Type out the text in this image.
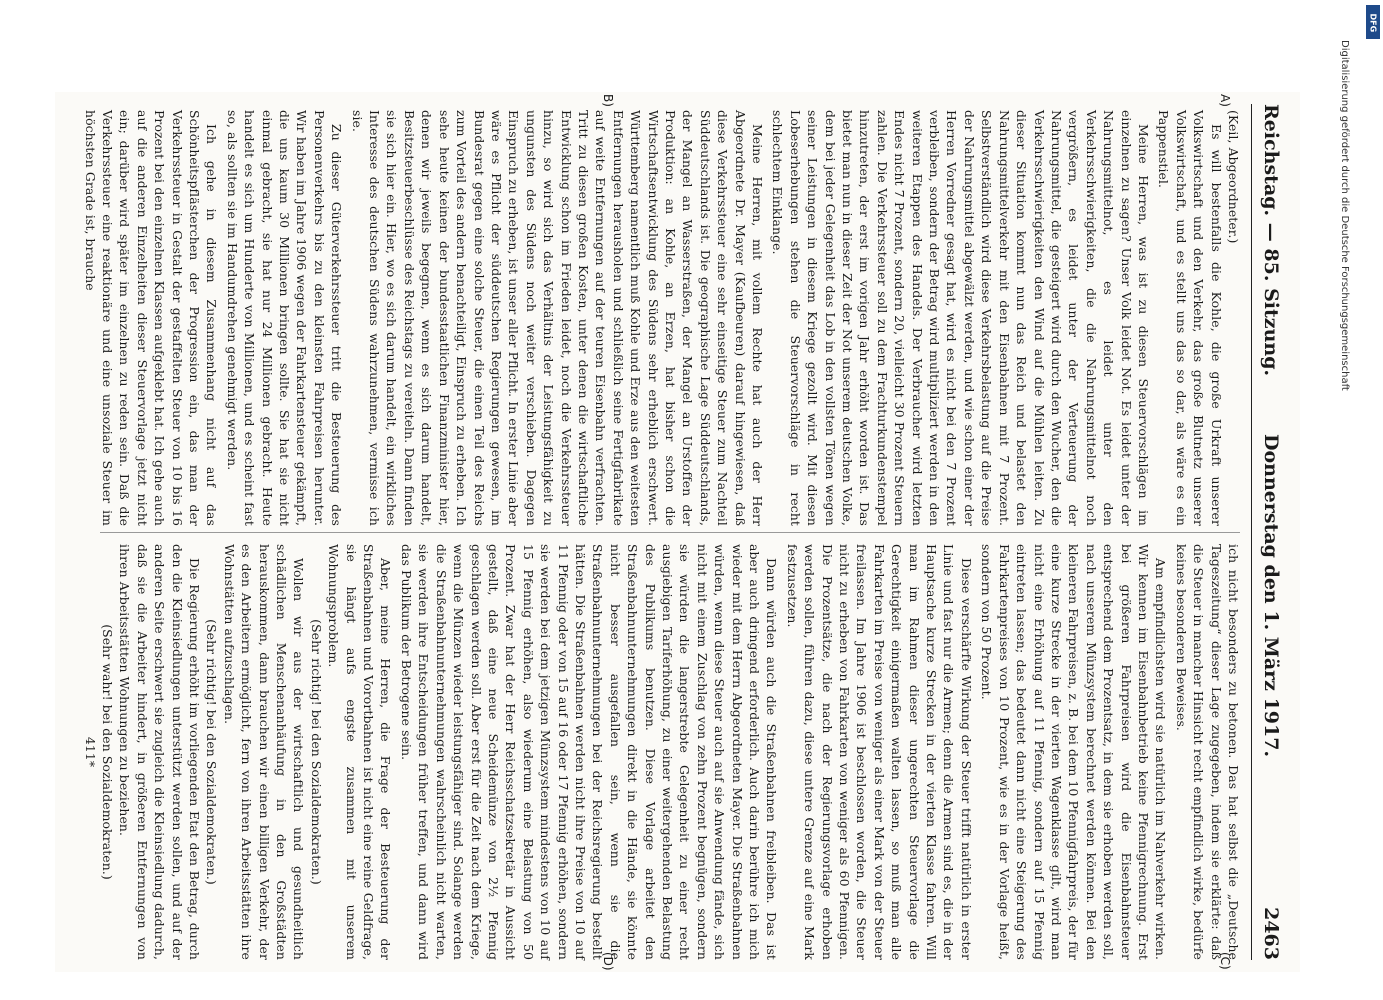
Reichstag. — 85. Sitzung.
Donnerstag den 1. März 1917.
2463
A)
B)
(C)
(D)

(Keil, Abgeordneter.)

Es will bestenfalls die Kohle, die große Urkraft unserer Volkswirtschaft und den Verkehr, das große Blutnetz unserer Volkswirtschaft, und es stellt uns das so dar, als wäre es ein Pappenstiel.

Meine Herren, was ist zu diesen Steuervorschlägen im einzelnen zu sagen? Unser Volk leidet Not. Es leidet unter der Nahrungsmittelnot, es leidet unter den Verkehrsschwierigkeiten, die die Nahrungsmittelnot noch vergrößern, es leidet unter der Verteuerung der Nahrungsmittel, die gesteigert wird durch den Wucher, den die Verkehrsschwierigkeiten den Wind auf die Mühlen leiten. Zu dieser Situation kommt nun das Reich und belastet den Nahrungsmittelverkehr mit den Eisenbahnen mit 7 Prozent. Selbstverständlich wird diese Verkehrsbelastung auf die Preise der Nahrungsmittel abgewälzt werden, und wie schon einer der Herren Vorredner gesagt hat, wird es nicht bei den 7 Prozent verbleiben, sondern der Betrag wird multipliziert werden in den weiteren Etappen des Handels. Der Verbraucher wird letzten Endes nicht 7 Prozent, sondern 20, vielleicht 30 Prozent Steuern zahlen. Die Verkehrssteuer soll zu dem Frachturkundenstempel hinzutreten, der erst im vorigen Jahr erhöht worden ist. Das bietet man nun in dieser Zeit der Not unserem deutschen Volke, dem bei jeder Gelegenheit das Lob in den vollsten Tönen wegen seiner Leistungen in diesem Kriege gezollt wird. Mit diesen Lobeserhebungen stehen die Steuervorschläge in recht schlechtem Einklange.

Meine Herren, mit vollem Rechte hat auch der Herr Abgeordnete Dr. Mayer (Kaufbeuren) darauf hingewiesen, daß diese Verkehrssteuer eine sehr einseitige Steuer zum Nachteil Süddeutschlands ist. Die geographische Lage Süddeutschlands, der Mangel an Wasserstraßen, der Mangel an Urstoffen der Produktion: an Kohle, an Erzen, hat bisher schon die Wirtschaftsentwicklung des Südens sehr erheblich erschwert. Württemberg namentlich muß Kohle und Erze aus den weitesten Entfernungen herausholen und schließlich seine Fertigfabrikate auf weite Entfernungen auf der teuren Eisenbahn verfrachten. Tritt zu diesen großen Kosten, unter denen die wirtschaftliche Entwicklung schon im Frieden leidet, noch die Verkehrssteuer hinzu, so wird sich das Verhältnis der Leistungsfähigkeit zu ungunsten des Südens noch weiter verschieben. Dagegen Einspruch zu erheben, ist unser aller Pflicht. In erster Linie aber wäre es Pflicht der süddeutschen Regierungen gewesen, im Bundesrat gegen eine solche Steuer, die einen Teil des Reichs zum Vorteil des andern benachteiligt, Einspruch zu erheben. Ich sehe heute keinen der bundesstaatlichen Finanzminister hier, denen wir jeweils begegnen, wenn es sich darum handelt, Besitzsteuerbeschlüsse des Reichstags zu vereiteln. Dann finden sie sich hier ein. Hier, wo es sich darum handelt, ein wirkliches Interesse des deutschen Südens wahrzunehmen, vermisse ich sie.

Zu dieser Güterverkehrssteuer tritt die Besteuerung des Personenverkehrs bis zu den kleinsten Fahrpreisen herunter. Wir haben im Jahre 1906 wegen der Fahrkartensteuer gekämpft, die uns kaum 30 Millionen bringen sollte. Sie hat sie nicht einmal gebracht, sie hat nur 24 Millionen gebracht. Heute handelt es sich um Hunderte von Millionen, und es scheint fast so, als sollten sie im Handumdrehen genehmigt werden.

Ich gehe in diesem Zusammenhang nicht auf das Schönheitspflästerchen der Progression ein, das man der Verkehrssteuer in Gestalt der gestaffelten Steuer von 10 bis 16 Prozent bei den einzelnen Klassen aufgeklebt hat. Ich gehe auch auf die anderen Einzelheiten dieser Steuervorlage jetzt nicht ein; darüber wird später im einzelnen zu reden sein. Daß die Verkehrssteuer eine reaktionäre und eine unsoziale Steuer im höchsten Grade ist, brauche

ich nicht besonders zu betonen. Das hat selbst die „Deutsche Tageszeitung“ dieser Lage zugegeben, indem sie erklärte: daß die Steuer in mancher Hinsicht recht empfindlich wirke, bedürfe keines besonderen Beweises.

Am empfindlichsten wird sie natürlich im Nahverkehr wirken. Wir kennen im Eisenbahnbetrieb keine Pfennigrechnung. Erst bei größeren Fahrpreisen wird die Eisenbahnsteuer entsprechend dem Prozentsatz, in dem sie erhoben werden soll, nach unserem Münzsystem berechnet werden können. Bei den kleineren Fahrpreisen, z. B. bei dem 10 Pfennigfahrpreis, der für eine kurze Strecke in der vierten Wagenklasse gilt, wird man nicht eine Erhöhung auf 11 Pfennig, sondern auf 15 Pfennig eintreten lassen; das bedeutet dann nicht eine Steigerung des Fahrkartenpreises von 10 Prozent, wie es in der Vorlage heißt, sondern von 50 Prozent.

Diese verschärfte Wirkung der Steuer trifft natürlich in erster Linie und fast nur die Armen; denn die Armen sind es, die in der Hauptsache kurze Strecken in der vierten Klasse fahren. Will man im Rahmen dieser ungerechten Steuervorlage die Gerechtigkeit einigermaßen walten lassen, so muß man alle Fahrkarten im Preise von weniger als einer Mark von der Steuer freilassen. Im Jahre 1906 ist beschlossen worden, die Steuer nicht zu erheben von Fahrkarten von weniger als 60 Pfennigen. Die Prozentsätze, die nach der Regierungsvorlage erhoben werden sollen, führen dazu, diese untere Grenze auf eine Mark festzusetzen.

Dann würden auch die Straßenbahnen freibleiben. Das ist aber auch dringend erforderlich. Auch darin berühre ich mich wieder mit dem Herrn Abgeordneten Mayer. Die Straßenbahnen würden, wenn diese Steuer auch auf sie Anwendung fände, sich nicht mit einem Zuschlag von zehn Prozent begnügen, sondern sie würden die langerstrebte Gelegenheit zu einer recht ausgiebigen Tariferhöhung, zu einer weitergehenden Belastung des Publikums benutzen. Diese Vorlage arbeitet den Straßenbahnunternehmungen direkt in die Hände, sie könnte nicht besser ausgefallen sein, wenn sie die Straßenbahnunternehmungen bei der Reichsregierung bestellt hätten. Die Straßenbahnen werden nicht ihre Preise von 10 auf 11 Pfennig oder von 15 auf 16 oder 17 Pfennig erhöhen, sondern sie werden bei dem jetzigen Münzsystem mindestens von 10 auf 15 Pfennig erhöhen, also wiederum eine Belastung von 50 Prozent. Zwar hat der Herr Reichsschatzsekretär in Aussicht gestellt, daß eine neue Scheidemünze von 2½ Pfennig geschlagen werden soll. Aber erst für die Zeit nach dem Kriege, wenn die Münzen wieder leistungsfähiger sind. Solange werden die Straßenbahnunternehmungen wahrscheinlich nicht warten, sie werden ihre Entscheidungen früher treffen, und dann wird das Publikum der Betrogene sein.

Aber, meine Herren, die Frage der Besteuerung der Straßenbahnen und Vorortbahnen ist nicht eine reine Geldfrage, sie hängt aufs engste zusammen mit unserem Wohnungsproblem.

(Sehr richtig! bei den Sozialdemokraten.)

Wollen wir aus der wirtschaftlich und gesundheitlich schädlichen Menschenanhäufung in den Großstädten herauskommen, dann brauchen wir einen billigen Verkehr, der es den Arbeitern ermöglicht, fern von ihren Arbeitsstätten ihre Wohnstätten aufzuschlagen.

(Sehr richtig! bei den Sozialdemokraten.)

Die Regierung erhöht im vorliegenden Etat den Betrag, durch den die Kleinsiedlungen unterstützt werden sollen, und auf der anderen Seite erschwert sie zugleich die Kleinsiedlung dadurch, daß sie die Arbeiter hindert, in größeren Entfernungen von ihren Arbeitsstätten Wohnungen zu beziehen.

(Sehr wahr! bei den Sozialdemokraten.)

411*

Digitalisierung gefördert durch die Deutsche Forschungsgemeinschaft
DFG
